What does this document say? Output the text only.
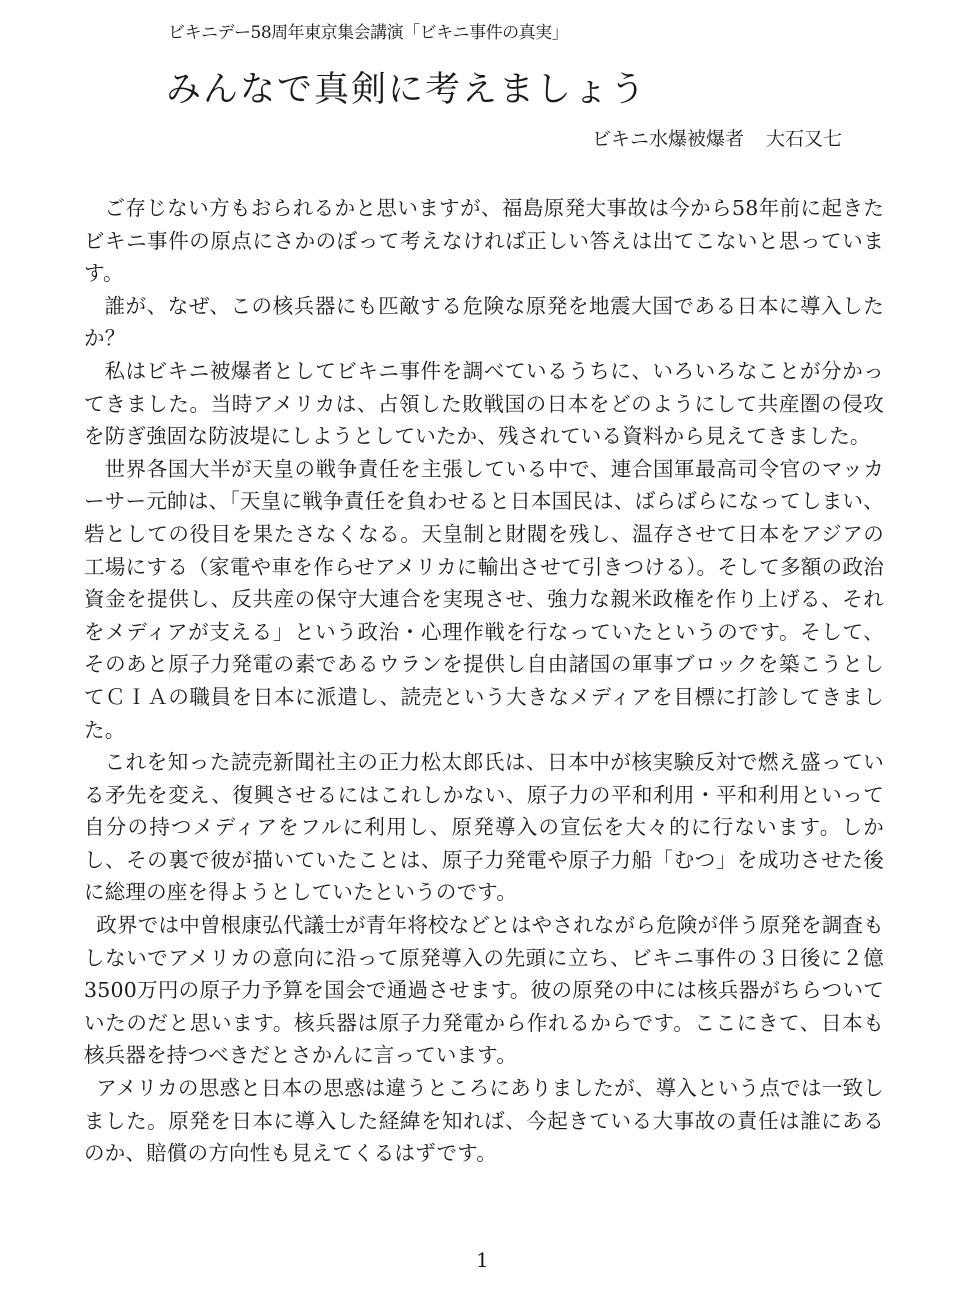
ビキニデー58周年東京集会講演「ビキニ事件の真実」
みんなで真剣に考えましょう
ビキニ水爆被爆者 大石又七

ご存じない方もおられるかと思いますが、福島原発大事故は今から58年前に起きたビキニ事件の原点にさかのぼって考えなければ正しい答えは出てこないと思っています。

誰が、なぜ、この核兵器にも匹敵する危険な原発を地震大国である日本に導入したか？

私はビキニ被爆者としてビキニ事件を調べているうちに、いろいろなことが分かってきました。当時アメリカは、占領した敗戦国の日本をどのようにして共産圏の侵攻を防ぎ強固な防波堤にしようとしていたか、残されている資料から見えてきました。

世界各国大半が天皇の戦争責任を主張している中で、連合国軍最高司令官のマッカーサー元帥は、「天皇に戦争責任を負わせると日本国民は、ばらばらになってしまい、砦としての役目を果たさなくなる。天皇制と財閥を残し、温存させて日本をアジアの工場にする（家電や車を作らせアメリカに輸出させて引きつける）。そして多額の政治資金を提供し、反共産の保守大連合を実現させ、強力な親米政権を作り上げる、それをメディアが支える」という政治・心理作戦を行なっていたというのです。そして、そのあと原子力発電の素であるウランを提供し自由諸国の軍事ブロックを築こうとしてＣＩＡの職員を日本に派遣し、読売という大きなメディアを目標に打診してきました。

これを知った読売新聞社主の正力松太郎氏は、日本中が核実験反対で燃え盛っている矛先を変え、復興させるにはこれしかない、原子力の平和利用・平和利用といって自分の持つメディアをフルに利用し、原発導入の宣伝を大々的に行ないます。しかし、その裏で彼が描いていたことは、原子力発電や原子力船「むつ」を成功させた後に総理の座を得ようとしていたというのです。

政界では中曽根康弘代議士が青年将校などとはやされながら危険が伴う原発を調査もしないでアメリカの意向に沿って原発導入の先頭に立ち、ビキニ事件の３日後に２億3500万円の原子力予算を国会で通過させます。彼の原発の中には核兵器がちらついていたのだと思います。核兵器は原子力発電から作れるからです。ここにきて、日本も核兵器を持つべきだとさかんに言っています。

アメリカの思惑と日本の思惑は違うところにありましたが、導入という点では一致しました。原発を日本に導入した経緯を知れば、今起きている大事故の責任は誰にあるのか、賠償の方向性も見えてくるはずです。

1
